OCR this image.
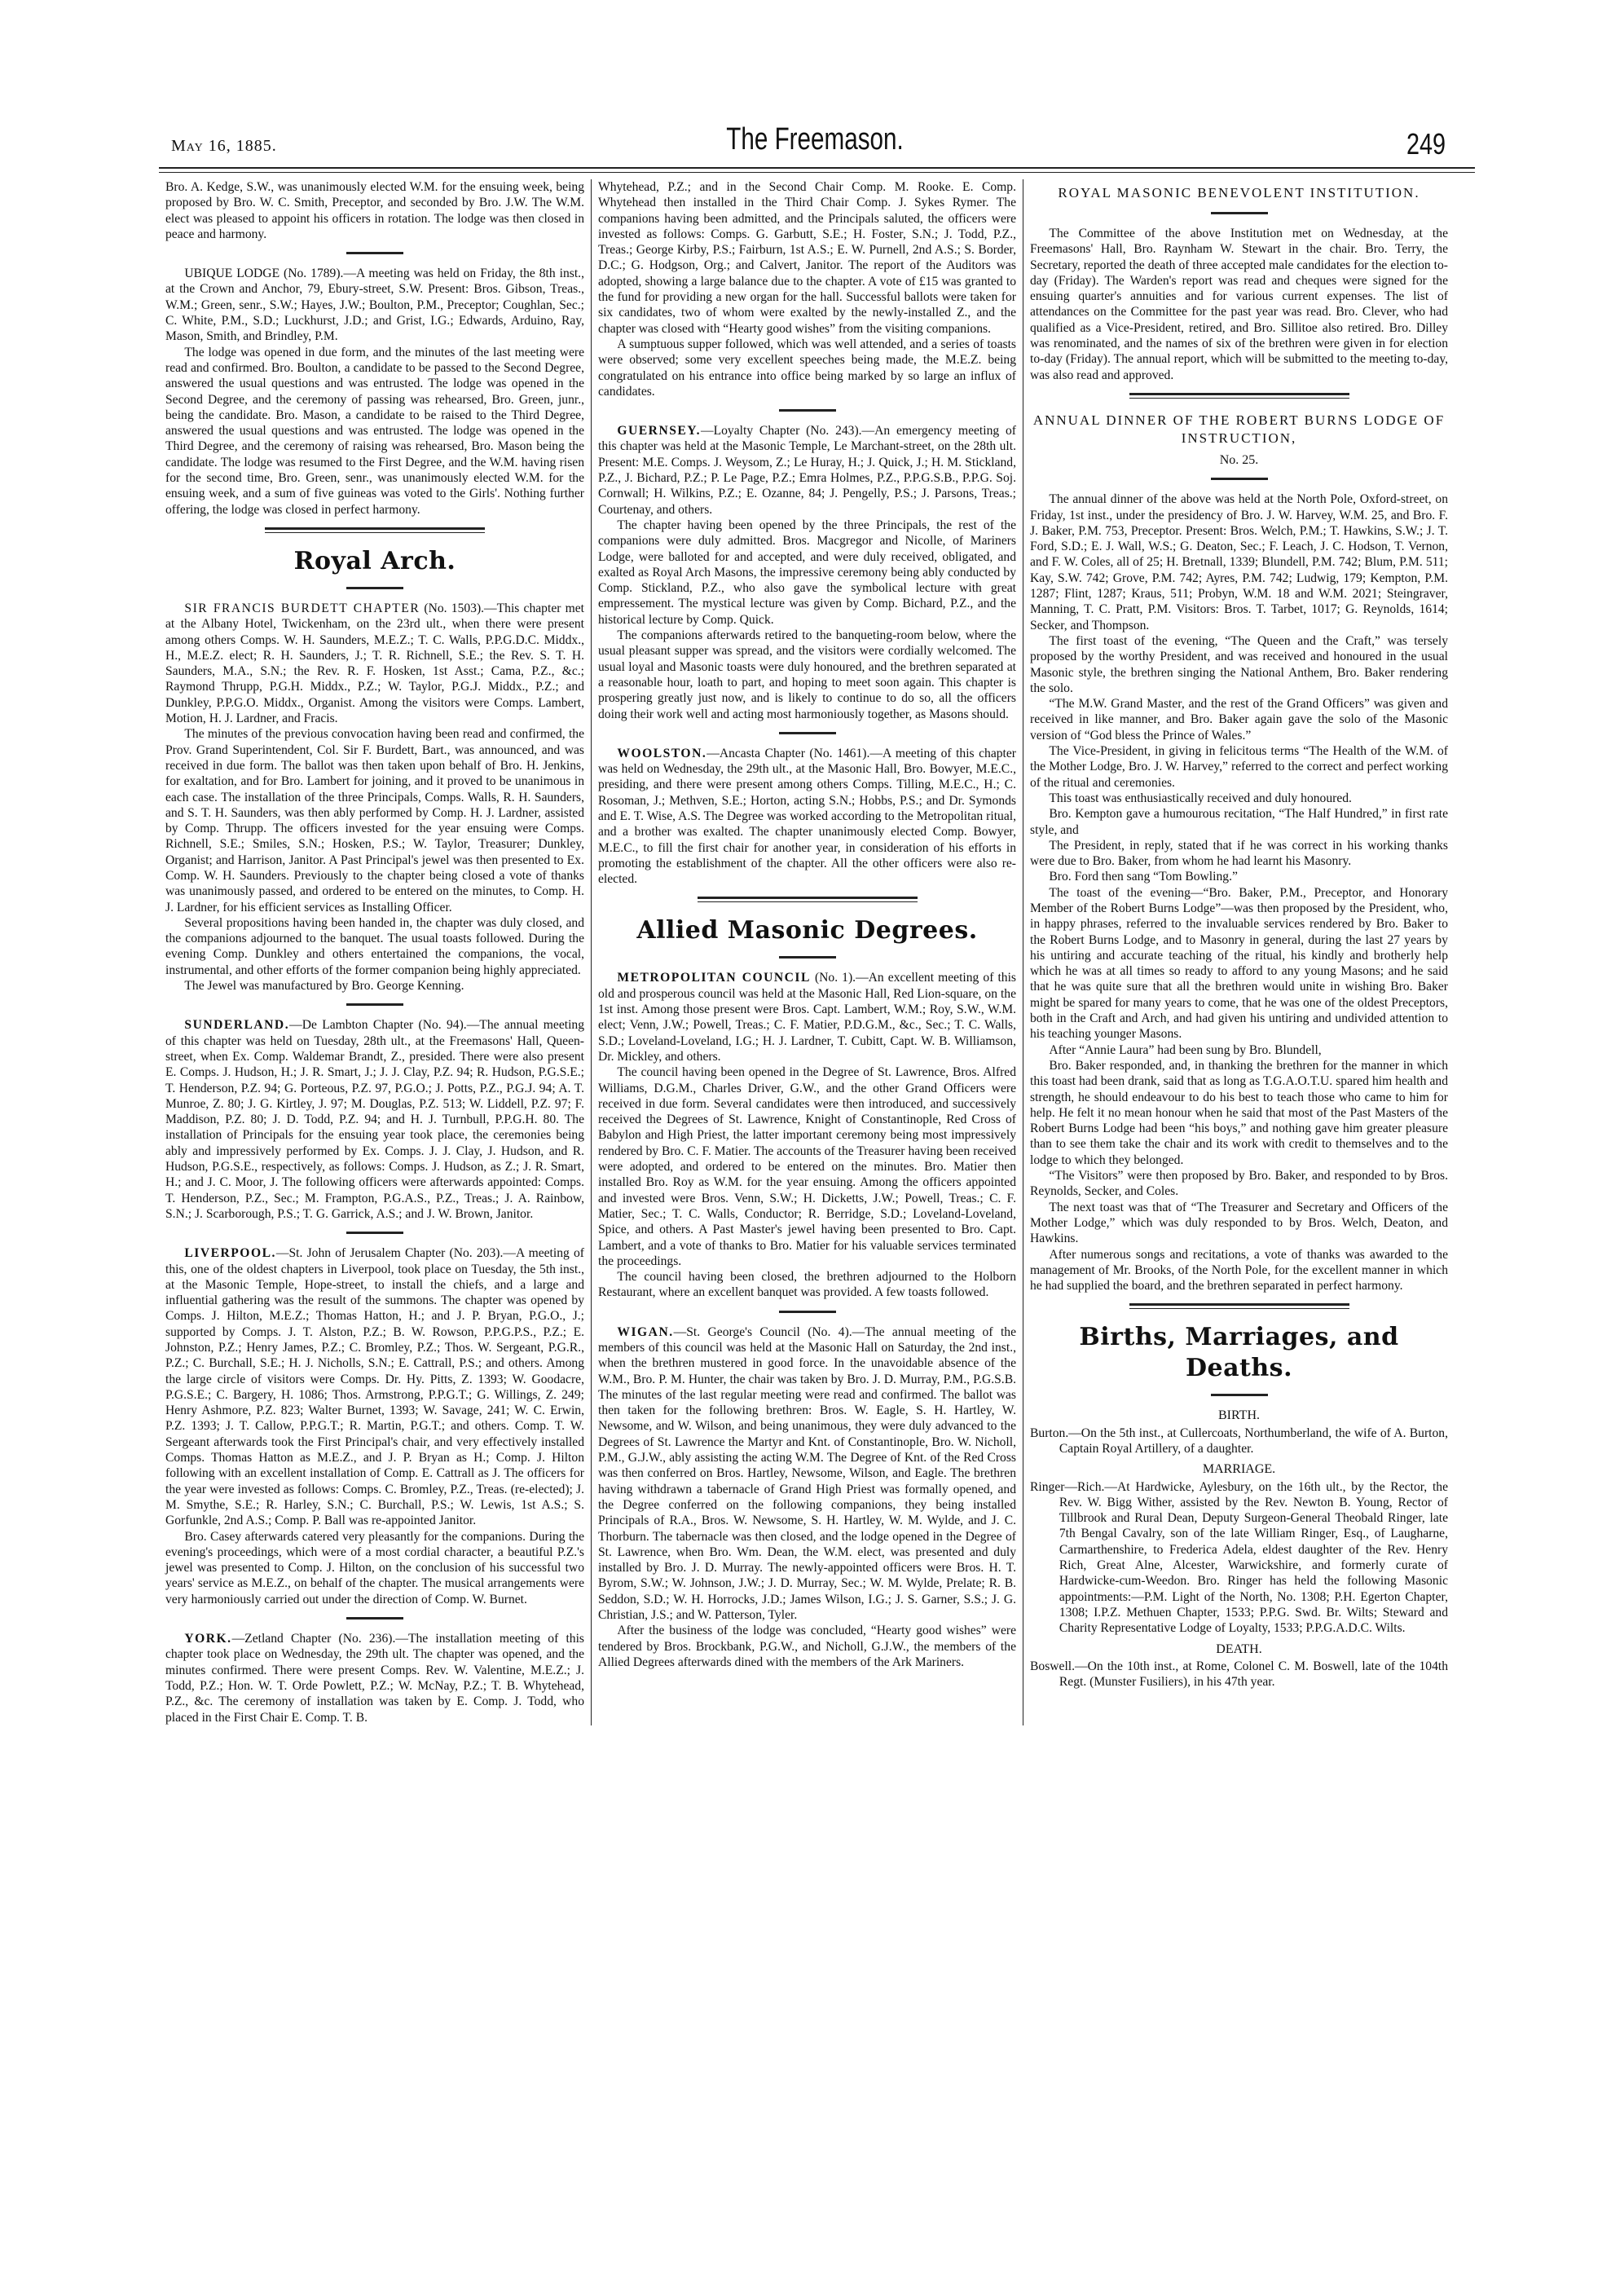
May 16, 1885.	The Freemason.	249

Bro. A. Kedge, S.W., was unanimously elected W.M. for the ensuing week, being proposed by Bro. W. C. Smith, Preceptor, and seconded by Bro. J.W. The W.M. elect was pleased to appoint his officers in rotation. The lodge was then closed in peace and harmony.

UBIQUE LODGE (No. 1789).—A meeting was held on Friday, the 8th inst., at the Crown and Anchor, 79, Ebury-street, S.W. Present: Bros. Gibson, Treas., W.M.; Green, senr., S.W.; Hayes, J.W.; Boulton, P.M., Preceptor; Coughlan, Sec.; C. White, P.M., S.D.; Luckhurst, J.D.; and Grist, I.G.; Edwards, Arduino, Ray, Mason, Smith, and Brindley, P.M.

The lodge was opened in due form, and the minutes of the last meeting were read and confirmed. Bro. Boulton, a candidate to be passed to the Second Degree, answered the usual questions and was entrusted. The lodge was opened in the Second Degree, and the ceremony of passing was rehearsed, Bro. Green, junr., being the candidate. Bro. Mason, a candidate to be raised to the Third Degree, answered the usual questions and was entrusted. The lodge was opened in the Third Degree, and the ceremony of raising was rehearsed, Bro. Mason being the candidate. The lodge was resumed to the First Degree, and the W.M. having risen for the second time, Bro. Green, senr., was unanimously elected W.M. for the ensuing week, and a sum of five guineas was voted to the Girls'. Nothing further offering, the lodge was closed in perfect harmony.

Royal Arch.

SIR FRANCIS BURDETT CHAPTER (No. 1503).—This chapter met at the Albany Hotel, Twickenham, on the 23rd ult., when there were present among others Comps. W. H. Saunders, M.E.Z.; T. C. Walls, P.P.G.D.C. Middx., H., M.E.Z. elect; R. H. Saunders, J.; T. R. Richnell, S.E.; the Rev. S. T. H. Saunders, M.A., S.N.; the Rev. R. F. Hosken, 1st Asst.; Cama, P.Z., &c.; Raymond Thrupp, P.G.H. Middx., P.Z.; W. Taylor, P.G.J. Middx., P.Z.; and Dunkley, P.P.G.O. Middx., Organist. Among the visitors were Comps. Lambert, Motion, H. J. Lardner, and Fracis.

The minutes of the previous convocation having been read and confirmed, the Prov. Grand Superintendent, Col. Sir F. Burdett, Bart., was announced, and was received in due form. The ballot was then taken upon behalf of Bro. H. Jenkins, for exaltation, and for Bro. Lambert for joining, and it proved to be unanimous in each case. The installation of the three Principals, Comps. Walls, R. H. Saunders, and S. T. H. Saunders, was then ably performed by Comp. H. J. Lardner, assisted by Comp. Thrupp. The officers invested for the year ensuing were Comps. Richnell, S.E.; Smiles, S.N.; Hosken, P.S.; W. Taylor, Treasurer; Dunkley, Organist; and Harrison, Janitor. A Past Principal's jewel was then presented to Ex. Comp. W. H. Saunders. Previously to the chapter being closed a vote of thanks was unanimously passed, and ordered to be entered on the minutes, to Comp. H. J. Lardner, for his efficient services as Installing Officer.

Several propositions having been handed in, the chapter was duly closed, and the companions adjourned to the banquet. The usual toasts followed. During the evening Comp. Dunkley and others entertained the companions, the vocal, instrumental, and other efforts of the former companion being highly appreciated.

The Jewel was manufactured by Bro. George Kenning.

SUNDERLAND.—De Lambton Chapter (No. 94).—The annual meeting of this chapter was held on Tuesday, 28th ult., at the Freemasons' Hall, Queen-street, when Ex. Comp. Waldemar Brandt, Z., presided. There were also present E. Comps. J. Hudson, H.; J. R. Smart, J.; J. J. Clay, P.Z. 94; R. Hudson, P.G.S.E.; T. Henderson, P.Z. 94; G. Porteous, P.Z. 97, P.G.O.; J. Potts, P.Z., P.G.J. 94; A. T. Munroe, Z. 80; J. G. Kirtley, J. 97; M. Douglas, P.Z. 513; W. Liddell, P.Z. 97; F. Maddison, P.Z. 80; J. D. Todd, P.Z. 94; and H. J. Turnbull, P.P.G.H. 80. The installation of Principals for the ensuing year took place, the ceremonies being ably and impressively performed by Ex. Comps. J. J. Clay, J. Hudson, and R. Hudson, P.G.S.E., respectively, as follows: Comps. J. Hudson, as Z.; J. R. Smart, H.; and J. C. Moor, J. The following officers were afterwards appointed: Comps. T. Henderson, P.Z., Sec.; M. Frampton, P.G.A.S., P.Z., Treas.; J. A. Rainbow, S.N.; J. Scarborough, P.S.; T. G. Garrick, A.S.; and J. W. Brown, Janitor.

LIVERPOOL.—St. John of Jerusalem Chapter (No. 203).—A meeting of this, one of the oldest chapters in Liverpool, took place on Tuesday, the 5th inst., at the Masonic Temple, Hope-street, to install the chiefs, and a large and influential gathering was the result of the summons. The chapter was opened by Comps. J. Hilton, M.E.Z.; Thomas Hatton, H.; and J. P. Bryan, P.G.O., J.; supported by Comps. J. T. Alston, P.Z.; B. W. Rowson, P.P.G.P.S., P.Z.; E. Johnston, P.Z.; Henry James, P.Z.; C. Bromley, P.Z.; Thos. W. Sergeant, P.G.R., P.Z.; C. Burchall, S.E.; H. J. Nicholls, S.N.; E. Cattrall, P.S.; and others. Among the large circle of visitors were Comps. Dr. Hy. Pitts, Z. 1393; W. Goodacre, P.G.S.E.; C. Bargery, H. 1086; Thos. Armstrong, P.P.G.T.; G. Willings, Z. 249; Henry Ashmore, P.Z. 823; Walter Burnet, 1393; W. Savage, 241; W. C. Erwin, P.Z. 1393; J. T. Callow, P.P.G.T.; R. Martin, P.G.T.; and others. Comp. T. W. Sergeant afterwards took the First Principal's chair, and very effectively installed Comps. Thomas Hatton as M.E.Z., and J. P. Bryan as H.; Comp. J. Hilton following with an excellent installation of Comp. E. Cattrall as J. The officers for the year were invested as follows: Comps. C. Bromley, P.Z., Treas. (re-elected); J. M. Smythe, S.E.; R. Harley, S.N.; C. Burchall, P.S.; W. Lewis, 1st A.S.; S. Gorfunkle, 2nd A.S.; Comp. P. Ball was re-appointed Janitor.

Bro. Casey afterwards catered very pleasantly for the companions. During the evening's proceedings, which were of a most cordial character, a beautiful P.Z.'s jewel was presented to Comp. J. Hilton, on the conclusion of his successful two years' service as M.E.Z., on behalf of the chapter. The musical arrangements were very harmoniously carried out under the direction of Comp. W. Burnet.

YORK.—Zetland Chapter (No. 236).—The installation meeting of this chapter took place on Wednesday, the 29th ult. The chapter was opened, and the minutes confirmed. There were present Comps. Rev. W. Valentine, M.E.Z.; J. Todd, P.Z.; Hon. W. T. Orde Powlett, P.Z.; W. McNay, P.Z.; T. B. Whytehead, P.Z., &c. The ceremony of installation was taken by E. Comp. J. Todd, who placed in the First Chair E. Comp. T. B.

Whytehead, P.Z.; and in the Second Chair Comp. M. Rooke. E. Comp. Whytehead then installed in the Third Chair Comp. J. Sykes Rymer. The companions having been admitted, and the Principals saluted, the officers were invested as follows: Comps. G. Garbutt, S.E.; H. Foster, S.N.; J. Todd, P.Z., Treas.; George Kirby, P.S.; Fairburn, 1st A.S.; E. W. Purnell, 2nd A.S.; S. Border, D.C.; G. Hodgson, Org.; and Calvert, Janitor. The report of the Auditors was adopted, showing a large balance due to the chapter. A vote of £15 was granted to the fund for providing a new organ for the hall. Successful ballots were taken for six candidates, two of whom were exalted by the newly-installed Z., and the chapter was closed with “Hearty good wishes” from the visiting companions.

A sumptuous supper followed, which was well attended, and a series of toasts were observed; some very excellent speeches being made, the M.E.Z. being congratulated on his entrance into office being marked by so large an influx of candidates.

GUERNSEY.—Loyalty Chapter (No. 243).—An emergency meeting of this chapter was held at the Masonic Temple, Le Marchant-street, on the 28th ult. Present: M.E. Comps. J. Weysom, Z.; Le Huray, H.; J. Quick, J.; H. M. Stickland, P.Z., J. Bichard, P.Z.; P. Le Page, P.Z.; Emra Holmes, P.Z., P.P.G.S.B., P.P.G. Soj. Cornwall; H. Wilkins, P.Z.; E. Ozanne, 84; J. Pengelly, P.S.; J. Parsons, Treas.; Courtenay, and others.

The chapter having been opened by the three Principals, the rest of the companions were duly admitted. Bros. Macgregor and Nicolle, of Mariners Lodge, were balloted for and accepted, and were duly received, obligated, and exalted as Royal Arch Masons, the impressive ceremony being ably conducted by Comp. Stickland, P.Z., who also gave the symbolical lecture with great empressement. The mystical lecture was given by Comp. Bichard, P.Z., and the historical lecture by Comp. Quick.

The companions afterwards retired to the banqueting-room below, where the usual pleasant supper was spread, and the visitors were cordially welcomed. The usual loyal and Masonic toasts were duly honoured, and the brethren separated at a reasonable hour, loath to part, and hoping to meet soon again. This chapter is prospering greatly just now, and is likely to continue to do so, all the officers doing their work well and acting most harmoniously together, as Masons should.

WOOLSTON.—Ancasta Chapter (No. 1461).—A meeting of this chapter was held on Wednesday, the 29th ult., at the Masonic Hall, Bro. Bowyer, M.E.C., presiding, and there were present among others Comps. Tilling, M.E.C., H.; C. Rosoman, J.; Methven, S.E.; Horton, acting S.N.; Hobbs, P.S.; and Dr. Symonds and E. T. Wise, A.S. The Degree was worked according to the Metropolitan ritual, and a brother was exalted. The chapter unanimously elected Comp. Bowyer, M.E.C., to fill the first chair for another year, in consideration of his efforts in promoting the establishment of the chapter. All the other officers were also re-elected.

Allied Masonic Degrees.

METROPOLITAN COUNCIL (No. 1).—An excellent meeting of this old and prosperous council was held at the Masonic Hall, Red Lion-square, on the 1st inst. Among those present were Bros. Capt. Lambert, W.M.; Roy, S.W., W.M. elect; Venn, J.W.; Powell, Treas.; C. F. Matier, P.D.G.M., &c., Sec.; T. C. Walls, S.D.; Loveland-Loveland, I.G.; H. J. Lardner, T. Cubitt, Capt. W. B. Williamson, Dr. Mickley, and others.

The council having been opened in the Degree of St. Lawrence, Bros. Alfred Williams, D.G.M., Charles Driver, G.W., and the other Grand Officers were received in due form. Several candidates were then introduced, and successively received the Degrees of St. Lawrence, Knight of Constantinople, Red Cross of Babylon and High Priest, the latter important ceremony being most impressively rendered by Bro. C. F. Matier. The accounts of the Treasurer having been received were adopted, and ordered to be entered on the minutes. Bro. Matier then installed Bro. Roy as W.M. for the year ensuing. Among the officers appointed and invested were Bros. Venn, S.W.; H. Dicketts, J.W.; Powell, Treas.; C. F. Matier, Sec.; T. C. Walls, Conductor; R. Berridge, S.D.; Loveland-Loveland, Spice, and others. A Past Master's jewel having been presented to Bro. Capt. Lambert, and a vote of thanks to Bro. Matier for his valuable services terminated the proceedings.

The council having been closed, the brethren adjourned to the Holborn Restaurant, where an excellent banquet was provided. A few toasts followed.

WIGAN.—St. George's Council (No. 4).—The annual meeting of the members of this council was held at the Masonic Hall on Saturday, the 2nd inst., when the brethren mustered in good force. In the unavoidable absence of the W.M., Bro. P. M. Hunter, the chair was taken by Bro. J. D. Murray, P.M., P.G.S.B. The minutes of the last regular meeting were read and confirmed. The ballot was then taken for the following brethren: Bros. W. Eagle, S. H. Hartley, W. Newsome, and W. Wilson, and being unanimous, they were duly advanced to the Degrees of St. Lawrence the Martyr and Knt. of Constantinople, Bro. W. Nicholl, P.M., G.J.W., ably assisting the acting W.M. The Degree of Knt. of the Red Cross was then conferred on Bros. Hartley, Newsome, Wilson, and Eagle. The brethren having withdrawn a tabernacle of Grand High Priest was formally opened, and the Degree conferred on the following companions, they being installed Principals of R.A., Bros. W. Newsome, S. H. Hartley, W. M. Wylde, and J. C. Thorburn. The tabernacle was then closed, and the lodge opened in the Degree of St. Lawrence, when Bro. Wm. Dean, the W.M. elect, was presented and duly installed by Bro. J. D. Murray. The newly-appointed officers were Bros. H. T. Byrom, S.W.; W. Johnson, J.W.; J. D. Murray, Sec.; W. M. Wylde, Prelate; R. B. Seddon, S.D.; W. H. Horrocks, J.D.; James Wilson, I.G.; J. S. Garner, S.S.; J. G. Christian, J.S.; and W. Patterson, Tyler.

After the business of the lodge was concluded, “Hearty good wishes” were tendered by Bros. Brockbank, P.G.W., and Nicholl, G.J.W., the members of the Allied Degrees afterwards dined with the members of the Ark Mariners.

ROYAL MASONIC BENEVOLENT INSTITUTION.

The Committee of the above Institution met on Wednesday, at the Freemasons' Hall, Bro. Raynham W. Stewart in the chair. Bro. Terry, the Secretary, reported the death of three accepted male candidates for the election to-day (Friday). The Warden's report was read and cheques were signed for the ensuing quarter's annuities and for various current expenses. The list of attendances on the Committee for the past year was read. Bro. Clever, who had qualified as a Vice-President, retired, and Bro. Sillitoe also retired. Bro. Dilley was renominated, and the names of six of the brethren were given in for election to-day (Friday). The annual report, which will be submitted to the meeting to-day, was also read and approved.

ANNUAL DINNER OF THE ROBERT BURNS LODGE OF INSTRUCTION,
No. 25.

The annual dinner of the above was held at the North Pole, Oxford-street, on Friday, 1st inst., under the presidency of Bro. J. W. Harvey, W.M. 25, and Bro. F. J. Baker, P.M. 753, Preceptor. Present: Bros. Welch, P.M.; T. Hawkins, S.W.; J. T. Ford, S.D.; E. J. Wall, W.S.; G. Deaton, Sec.; F. Leach, J. C. Hodson, T. Vernon, and F. W. Coles, all of 25; H. Bretnall, 1339; Blundell, P.M. 742; Blum, P.M. 511; Kay, S.W. 742; Grove, P.M. 742; Ayres, P.M. 742; Ludwig, 179; Kempton, P.M. 1287; Flint, 1287; Kraus, 511; Probyn, W.M. 18 and W.M. 2021; Steingraver, Manning, T. C. Pratt, P.M. Visitors: Bros. T. Tarbet, 1017; G. Reynolds, 1614; Secker, and Thompson.

The first toast of the evening, “The Queen and the Craft,” was tersely proposed by the worthy President, and was received and honoured in the usual Masonic style, the brethren singing the National Anthem, Bro. Baker rendering the solo.

“The M.W. Grand Master, and the rest of the Grand Officers” was given and received in like manner, and Bro. Baker again gave the solo of the Masonic version of “God bless the Prince of Wales.”

The Vice-President, in giving in felicitous terms “The Health of the W.M. of the Mother Lodge, Bro. J. W. Harvey,” referred to the correct and perfect working of the ritual and ceremonies.

This toast was enthusiastically received and duly honoured.

Bro. Kempton gave a humourous recitation, “The Half Hundred,” in first rate style, and

The President, in reply, stated that if he was correct in his working thanks were due to Bro. Baker, from whom he had learnt his Masonry.

Bro. Ford then sang “Tom Bowling.”

The toast of the evening—“Bro. Baker, P.M., Preceptor, and Honorary Member of the Robert Burns Lodge”—was then proposed by the President, who, in happy phrases, referred to the invaluable services rendered by Bro. Baker to the Robert Burns Lodge, and to Masonry in general, during the last 27 years by his untiring and accurate teaching of the ritual, his kindly and brotherly help which he was at all times so ready to afford to any young Masons; and he said that he was quite sure that all the brethren would unite in wishing Bro. Baker might be spared for many years to come, that he was one of the oldest Preceptors, both in the Craft and Arch, and had given his untiring and undivided attention to his teaching younger Masons.

After “Annie Laura” had been sung by Bro. Blundell,

Bro. Baker responded, and, in thanking the brethren for the manner in which this toast had been drank, said that as long as T.G.A.O.T.U. spared him health and strength, he should endeavour to do his best to teach those who came to him for help. He felt it no mean honour when he said that most of the Past Masters of the Robert Burns Lodge had been “his boys,” and nothing gave him greater pleasure than to see them take the chair and its work with credit to themselves and to the lodge to which they belonged.

“The Visitors” were then proposed by Bro. Baker, and responded to by Bros. Reynolds, Secker, and Coles.

The next toast was that of “The Treasurer and Secretary and Officers of the Mother Lodge,” which was duly responded to by Bros. Welch, Deaton, and Hawkins.

After numerous songs and recitations, a vote of thanks was awarded to the management of Mr. Brooks, of the North Pole, for the excellent manner in which he had supplied the board, and the brethren separated in perfect harmony.

Births, Marriages, and Deaths.
BIRTH.

Burton.—On the 5th inst., at Cullercoats, Northumberland, the wife of A. Burton, Captain Royal Artillery, of a daughter.

MARRIAGE.

Ringer—Rich.—At Hardwicke, Aylesbury, on the 16th ult., by the Rector, the Rev. W. Bigg Wither, assisted by the Rev. Newton B. Young, Rector of Tillbrook and Rural Dean, Deputy Surgeon-General Theobald Ringer, late 7th Bengal Cavalry, son of the late William Ringer, Esq., of Laugharne, Carmarthenshire, to Frederica Adela, eldest daughter of the Rev. Henry Rich, Great Alne, Alcester, Warwickshire, and formerly curate of Hardwicke-cum-Weedon. Bro. Ringer has held the following Masonic appointments:—P.M. Light of the North, No. 1308; P.H. Egerton Chapter, 1308; I.P.Z. Methuen Chapter, 1533; P.P.G. Swd. Br. Wilts; Steward and Charity Representative Lodge of Loyalty, 1533; P.P.G.A.D.C. Wilts.

DEATH.

Boswell.—On the 10th inst., at Rome, Colonel C. M. Boswell, late of the 104th Regt. (Munster Fusiliers), in his 47th year.
